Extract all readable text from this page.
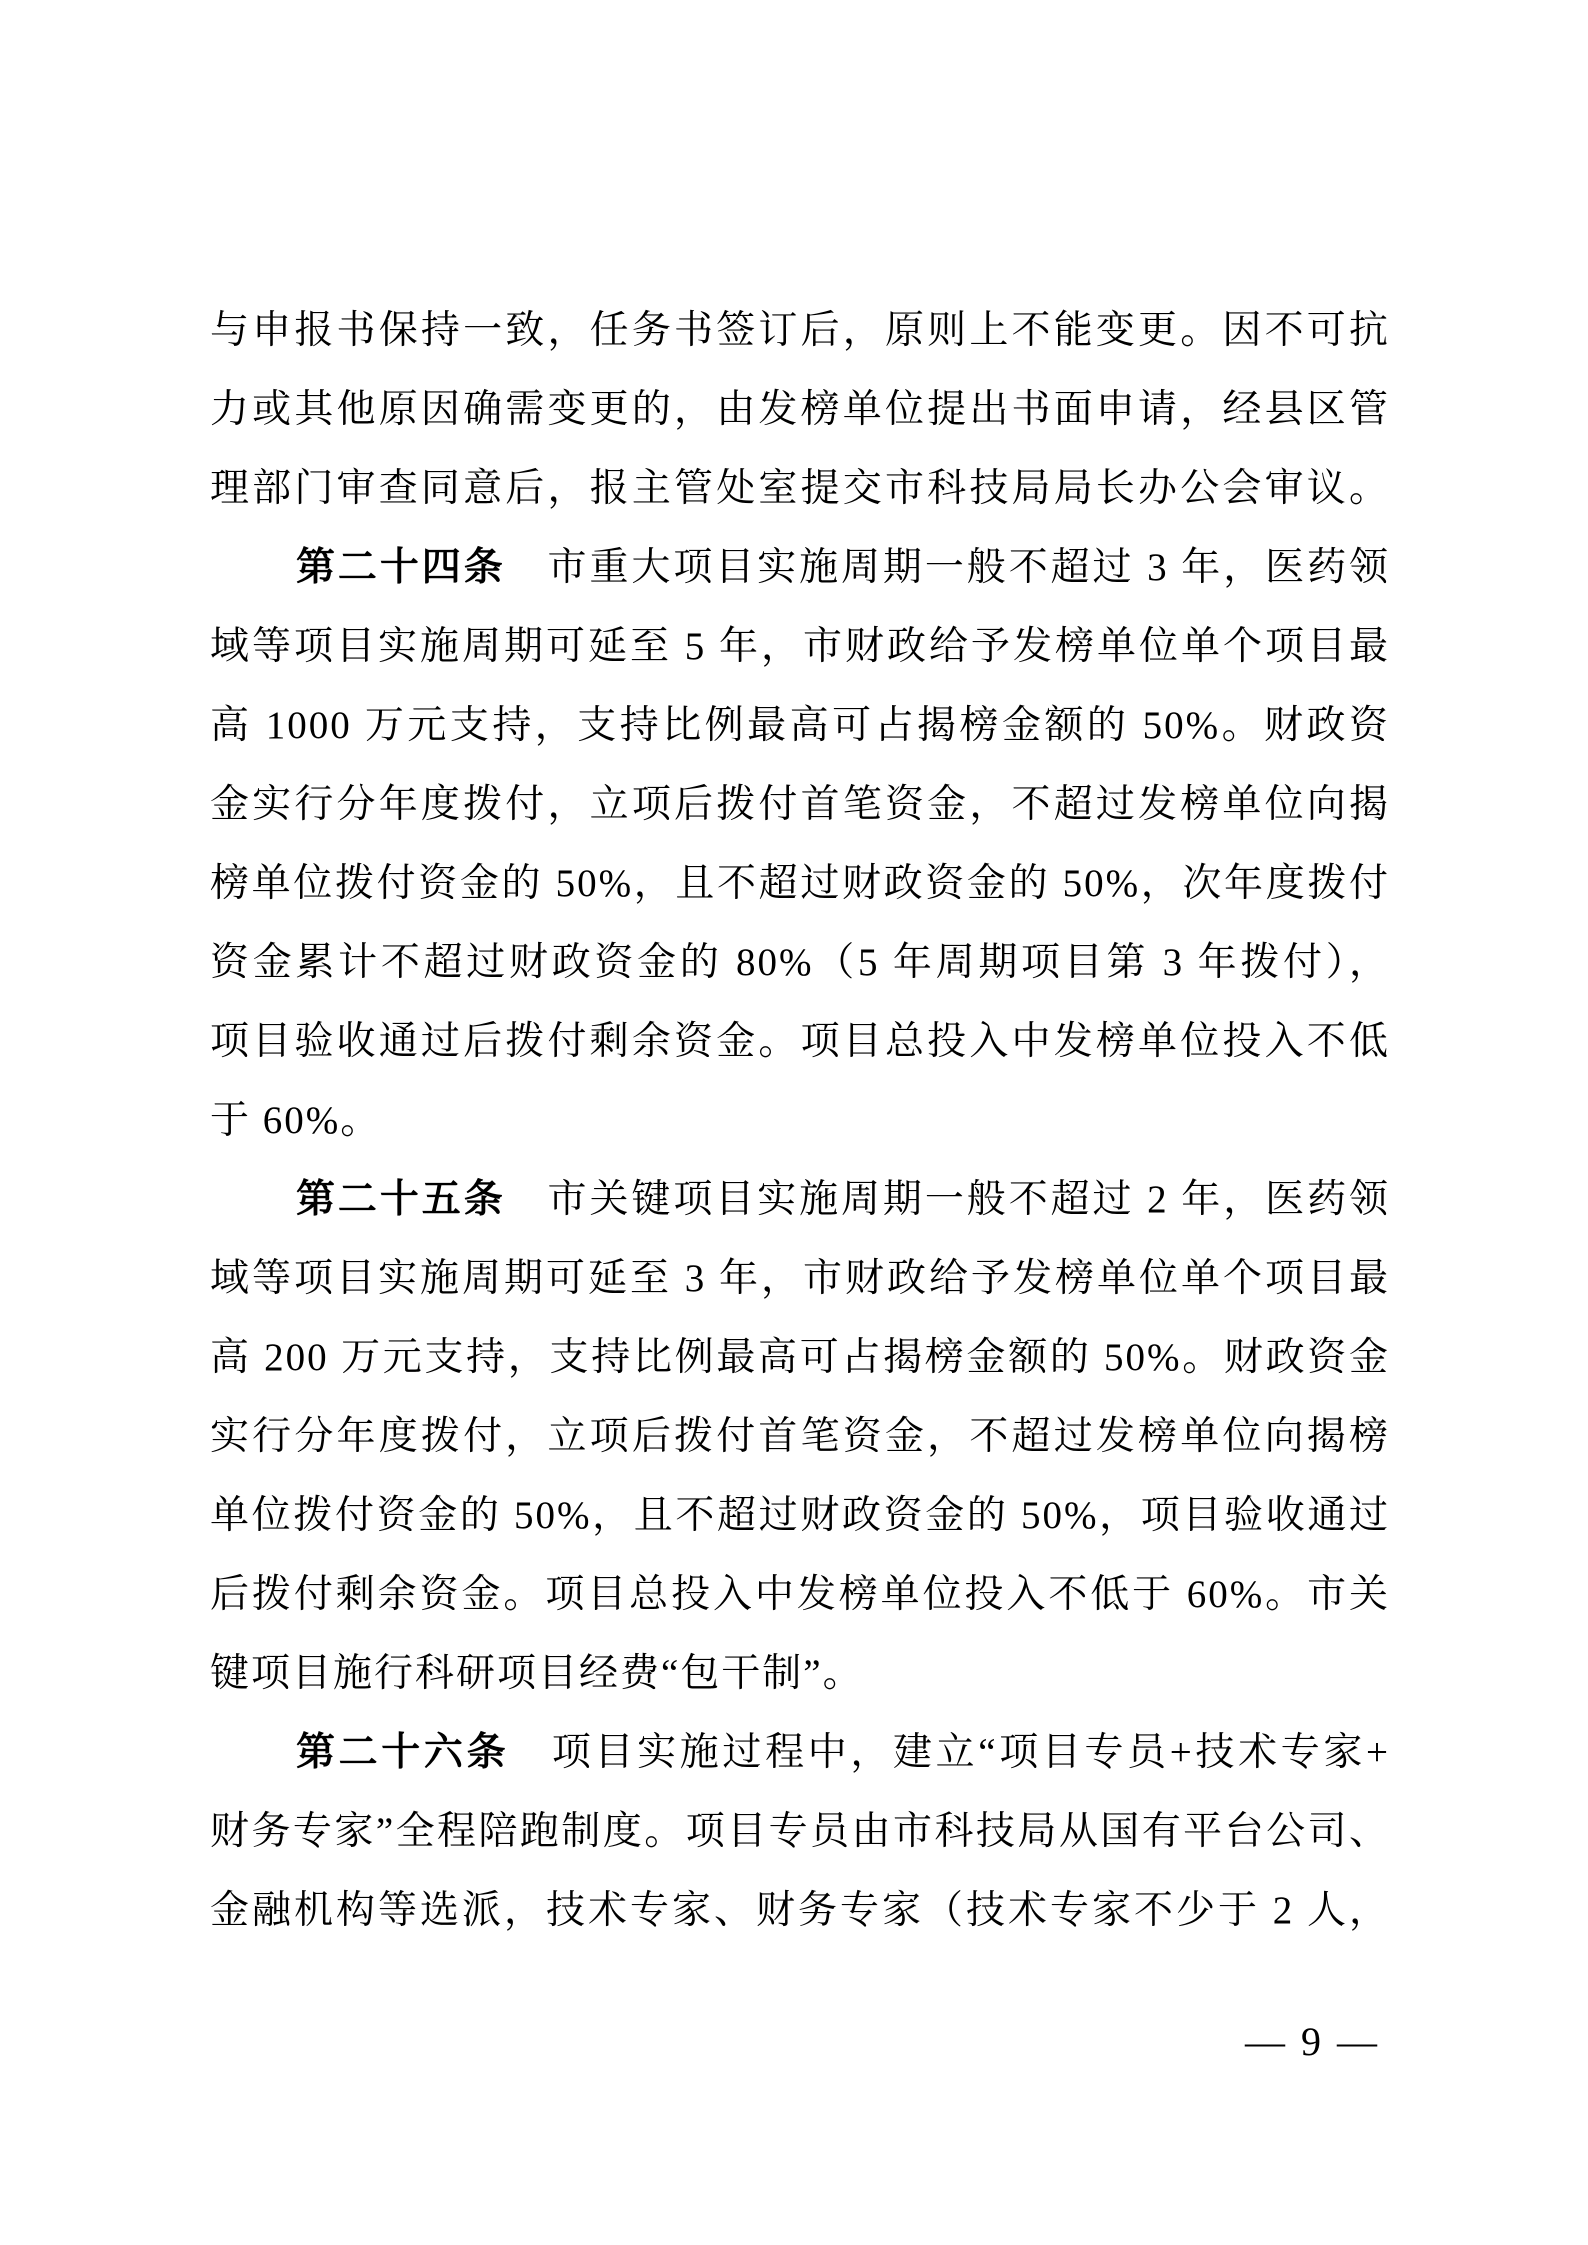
与申报书保持一致，任务书签订后，原则上不能变更。因不可抗
力或其他原因确需变更的，由发榜单位提出书面申请，经县区管
理部门审查同意后，报主管处室提交市科技局局长办公会审议。
第二十四条　市重大项目实施周期一般不超过 3 年，医药领
域等项目实施周期可延至 5 年，市财政给予发榜单位单个项目最
高 1000 万元支持，支持比例最高可占揭榜金额的 50%。财政资
金实行分年度拨付，立项后拨付首笔资金，不超过发榜单位向揭
榜单位拨付资金的 50%，且不超过财政资金的 50%，次年度拨付
资金累计不超过财政资金的 80%（5 年周期项目第 3 年拨付），
项目验收通过后拨付剩余资金。项目总投入中发榜单位投入不低
于 60%。
第二十五条　市关键项目实施周期一般不超过 2 年，医药领
域等项目实施周期可延至 3 年，市财政给予发榜单位单个项目最
高 200 万元支持，支持比例最高可占揭榜金额的 50%。财政资金
实行分年度拨付，立项后拨付首笔资金，不超过发榜单位向揭榜
单位拨付资金的 50%，且不超过财政资金的 50%，项目验收通过
后拨付剩余资金。项目总投入中发榜单位投入不低于 60%。市关
键项目施行科研项目经费“包干制”。
第二十六条　项目实施过程中，建立“项目专员+技术专家+
财务专家”全程陪跑制度。项目专员由市科技局从国有平台公司、
金融机构等选派，技术专家、财务专家（技术专家不少于 2 人，
— 9 —
